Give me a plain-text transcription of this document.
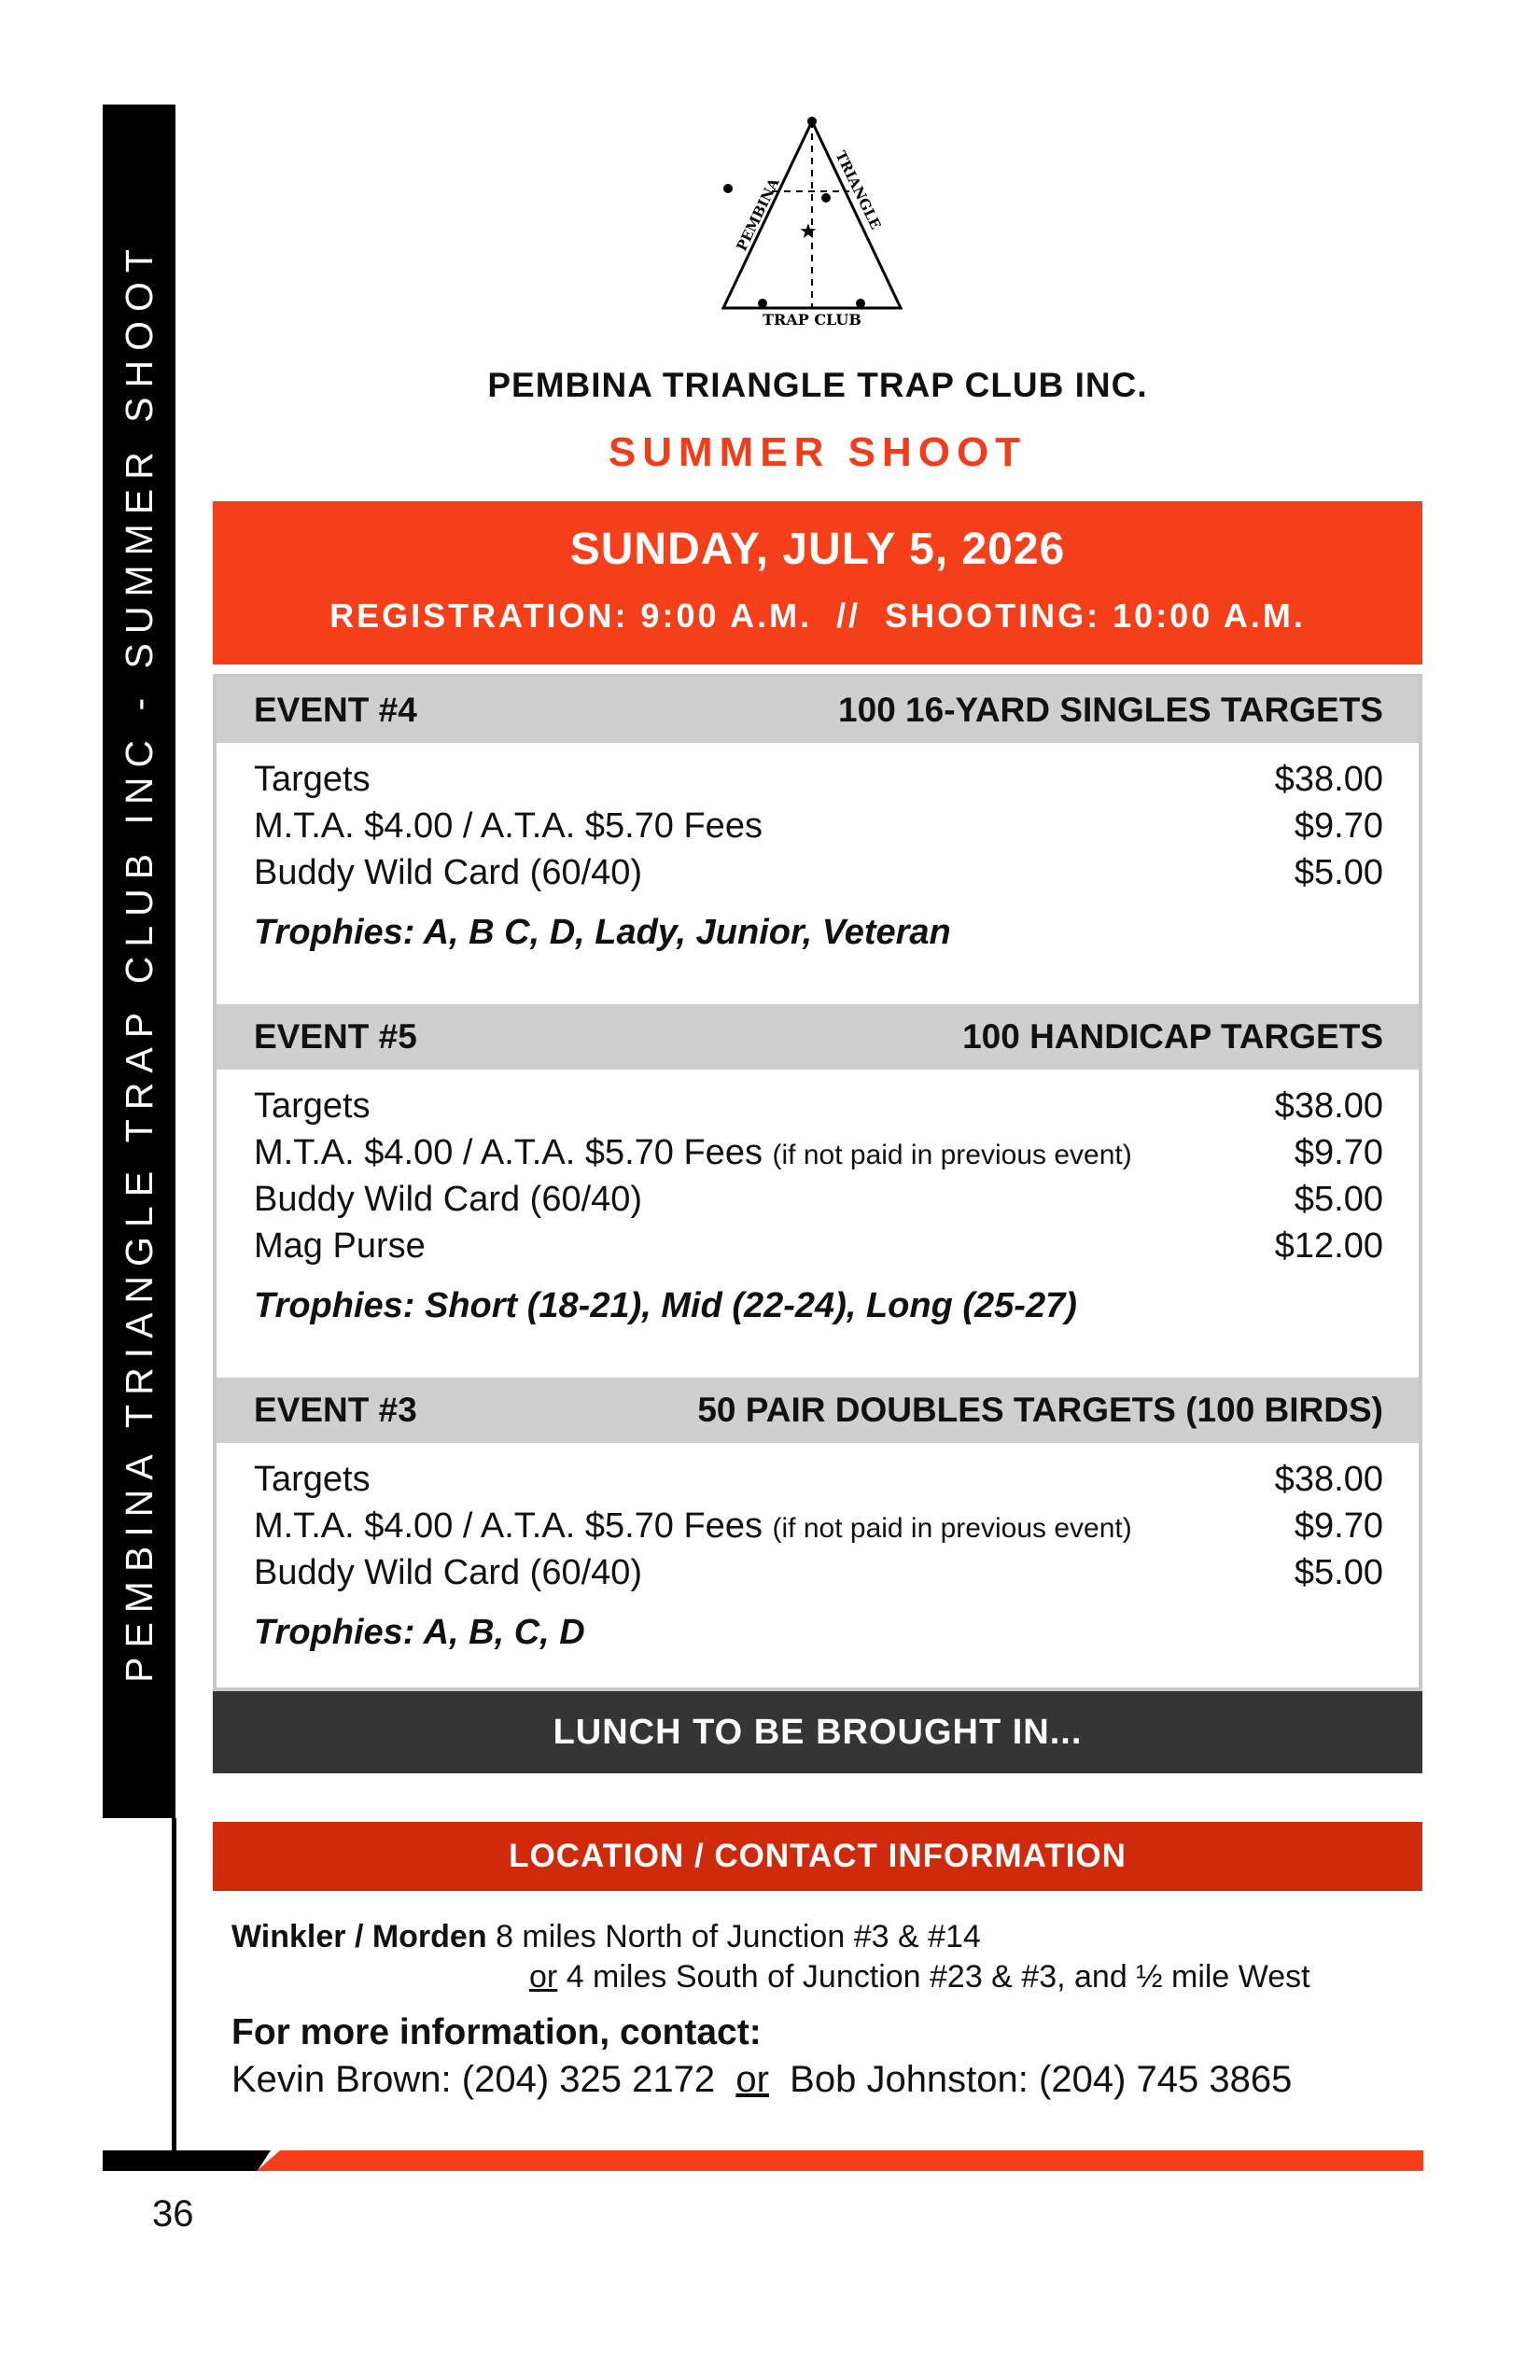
PEMBINA TRIANGLE TRAP CLUB INC - SUMMER SHOOT
★
PEMBINA	TRIANGLE
TRAP CLUB
PEMBINA TRIANGLE TRAP CLUB INC.
SUMMER SHOOT
SUNDAY, JULY 5, 2026
REGISTRATION: 9:00 A.M.  //  SHOOTING: 10:00 A.M.
EVENT #4	100 16-YARD SINGLES TARGETS
Targets	$38.00
M.T.A. $4.00 / A.T.A. $5.70 Fees	$9.70
Buddy Wild Card (60/40)	$5.00
Trophies: A, B C, D, Lady, Junior, Veteran
EVENT #5	100 HANDICAP TARGETS
Targets	$38.00
M.T.A. $4.00 / A.T.A. $5.70 Fees (if not paid in previous event)	$9.70
Buddy Wild Card (60/40)	$5.00
Mag Purse	$12.00
Trophies: Short (18-21), Mid (22-24), Long (25-27)
EVENT #3	50 PAIR DOUBLES TARGETS (100 BIRDS)
Targets	$38.00
M.T.A. $4.00 / A.T.A. $5.70 Fees (if not paid in previous event)	$9.70
Buddy Wild Card (60/40)	$5.00
Trophies: A, B, C, D
LUNCH TO BE BROUGHT IN...
LOCATION / CONTACT INFORMATION
Winkler / Morden 8 miles North of Junction #3 & #14
or 4 miles South of Junction #23 & #3, and ½ mile West
For more information, contact:
Kevin Brown: (204) 325 2172 or Bob Johnston: (204) 745 3865
36
